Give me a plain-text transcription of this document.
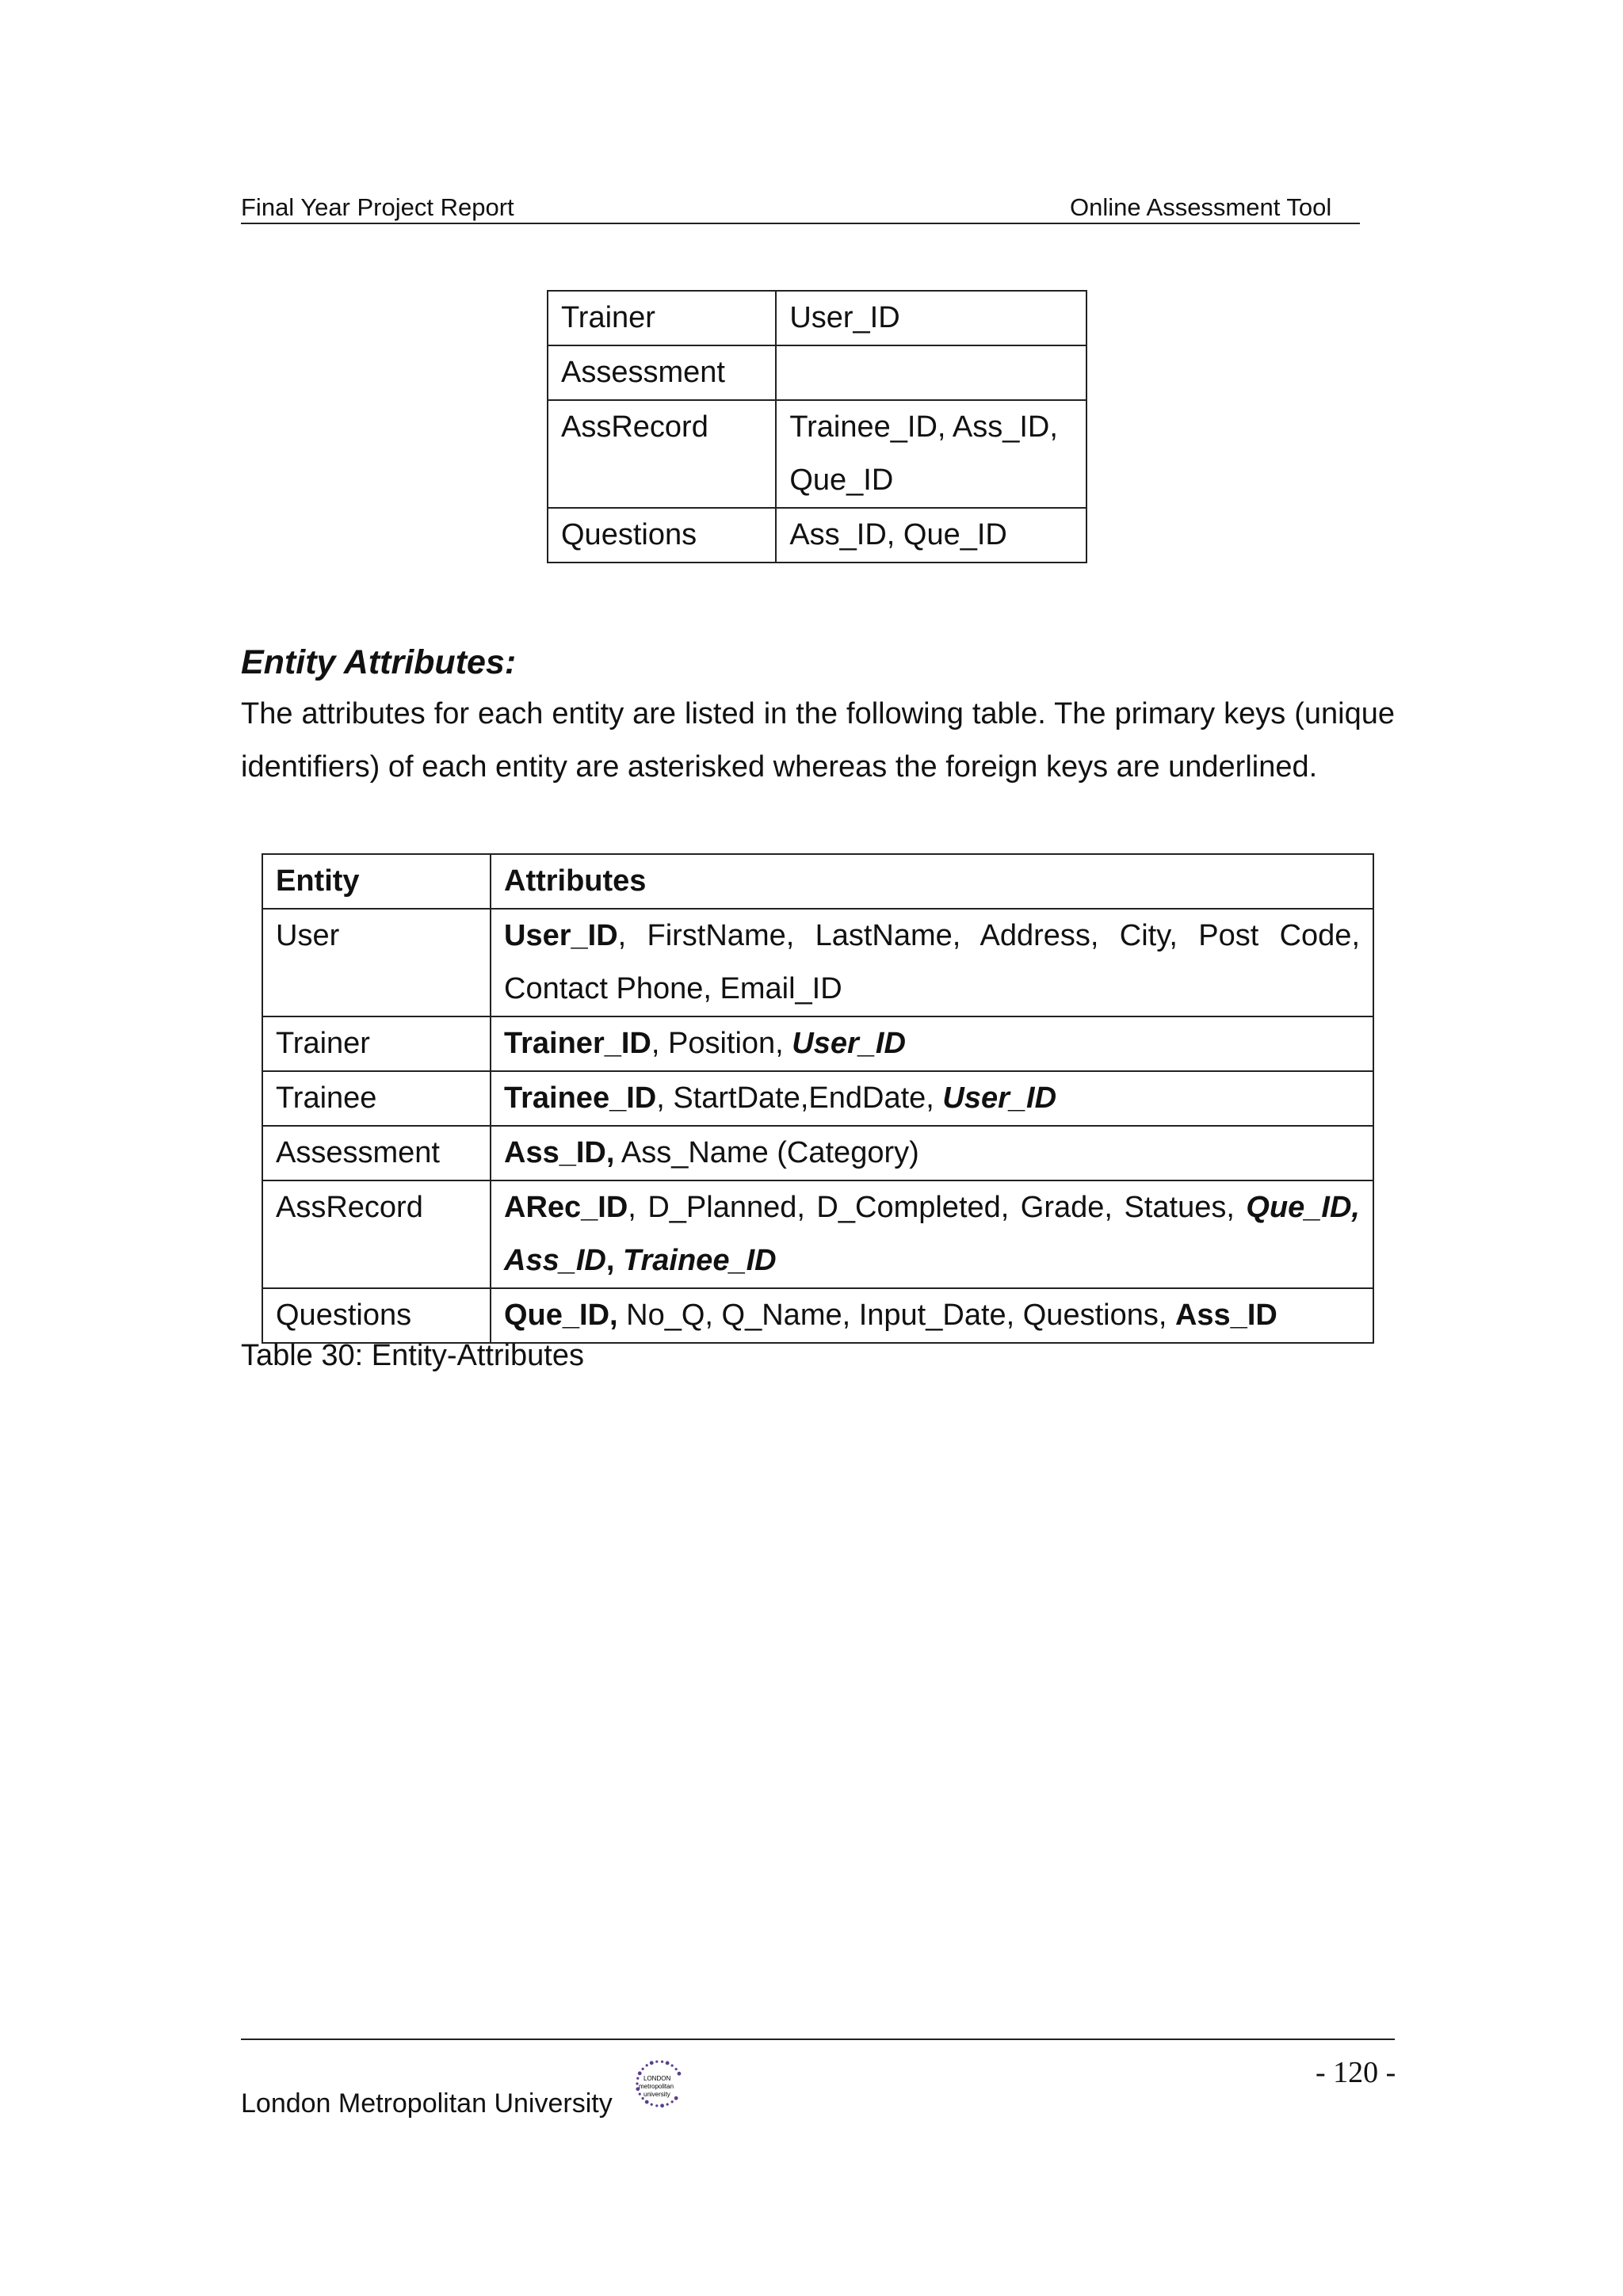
Final Year Project Report	Online Assessment Tool
Trainer	User_ID
Assessment	
AssRecord	Trainee_ID, Ass_ID,
Que_ID

Questions	Ass_ID, Que_ID
Entity Attributes:

The attributes for each entity are listed in the following table. The primary keys (unique identifiers) of each entity are asterisked whereas the foreign keys are underlined.

Entity	Attributes
User	User_ID, FirstName, LastName, Address, City, Post Code, Contact Phone, Email_ID
Trainer	Trainer_ID, Position, User_ID
Trainee	Trainee_ID, StartDate,EndDate, User_ID
Assessment	Ass_ID, Ass_Name (Category)
AssRecord	ARec_ID, D_Planned, D_Completed, Grade, Statues, Que_ID, Ass_ID, Trainee_ID
Questions	Que_ID, No_Q, Q_Name, Input_Date, Questions, Ass_ID
Table 30: Entity-Attributes
- 120 -
London Metropolitan University
LONDON
metropolitan
university
